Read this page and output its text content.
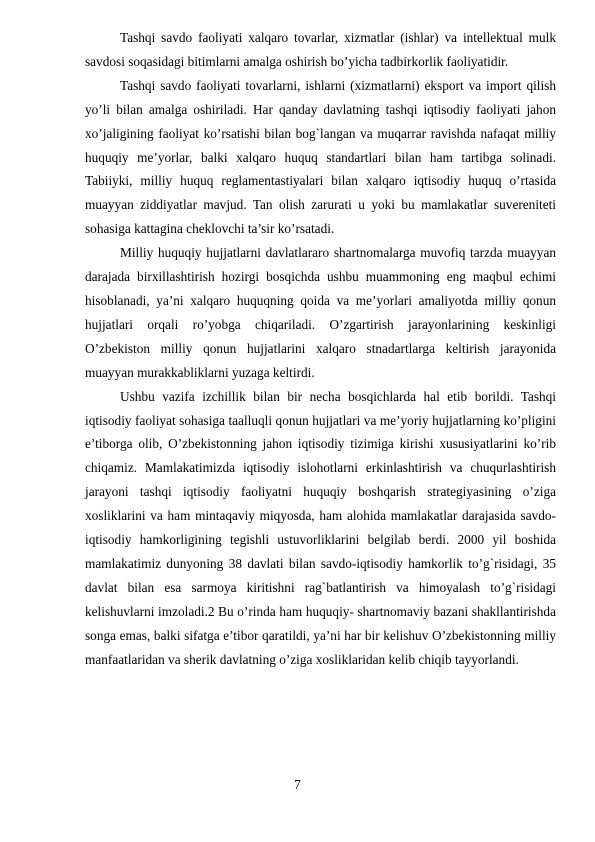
Tashqi savdo faoliyati xalqaro tovarlar, xizmatlar (ishlar) va intellektual mulk savdosi soqasidagi bitimlarni amalga oshirish bo’yicha tadbirkorlik faoliyatidir.

Tashqi savdo faoliyati tovarlarni, ishlarni (xizmatlarni) eksport va import qilish yo’li bilan amalga oshiriladi. Har qanday davlatning tashqi iqtisodiy faoliyati jahon xo’jaligining faoliyat ko’rsatishi bilan bog`langan va muqarrar ravishda nafaqat milliy huquqiy me’yorlar, balki xalqaro huquq standartlari bilan ham tartibga solinadi. Tabiiyki, milliy huquq reglamentastiyalari bilan xalqaro iqtisodiy huquq o’rtasida muayyan ziddiyatlar mavjud. Tan olish zarurati u yoki bu mamlakatlar suvereniteti sohasiga kattagina cheklovchi ta’sir ko’rsatadi.

Milliy huquqiy hujjatlarni davlatlararo shartnomalarga muvofiq tarzda muayyan darajada birxillashtirish hozirgi bosqichda ushbu muammoning eng maqbul echimi hisoblanadi, ya’ni xalqaro huquqning qoida va me’yorlari amaliyotda milliy qonun hujjatlari orqali ro’yobga chiqariladi. O’zgartirish jarayonlarining keskinligi O’zbekiston milliy qonun hujjatlarini xalqaro stnadartlarga keltirish jarayonida muayyan murakkabliklarni yuzaga keltirdi.

Ushbu vazifa izchillik bilan bir necha bosqichlarda hal etib borildi. Tashqi iqtisodiy faoliyat sohasiga taalluqli qonun hujjatlari va me’yoriy hujjatlarning ko’pligini e’tiborga olib, O’zbekistonning jahon iqtisodiy tizimiga kirishi xususiyatlarini ko’rib chiqamiz. Mamlakatimizda iqtisodiy islohotlarni erkinlashtirish va chuqurlashtirish jarayoni tashqi iqtisodiy faoliyatni huquqiy boshqarish strategiyasining o’ziga xosliklarini va ham mintaqaviy miqyosda, ham alohida mamlakatlar darajasida savdo-iqtisodiy hamkorligining tegishli ustuvorliklarini belgilab berdi. 2000 yil boshida mamlakatimiz dunyoning 38 davlati bilan savdo-iqtisodiy hamkorlik to’g`risidagi, 35 davlat bilan esa sarmoya kiritishni rag`batlantirish va himoyalash to’g`risidagi kelishuvlarni imzoladi.2 Bu o’rinda ham huquqiy- shartnomaviy bazani shakllantirishda songa emas, balki sifatga e’tibor qaratildi, ya’ni har bir kelishuv O’zbekistonning milliy manfaatlaridan va sherik davlatning o’ziga xosliklaridan kelib chiqib tayyorlandi.

7
